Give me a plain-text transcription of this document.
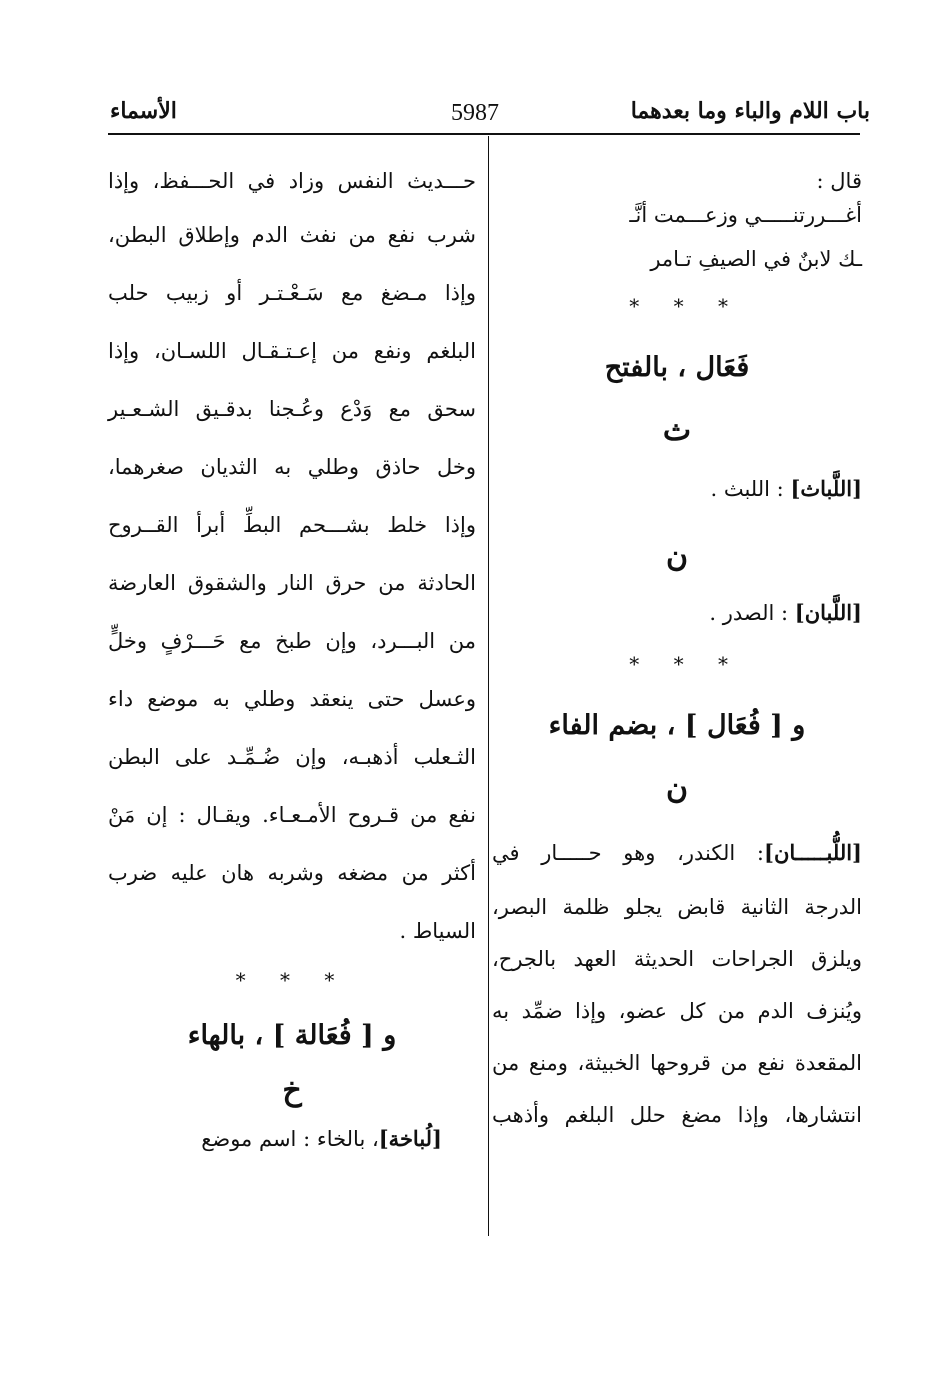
باب اللام والباء وما بعدهما
5987
الأسماء
قال :
أغـــررتنـــــي وزعـــمت أنَّـ
ـك لابنٌ في الصيفِ تـامر
* * *
فَعَال ، بالفتح
ث
[اللَّباث] : اللبث .
ن
[اللَّبان] : الصدر .
* * *
و [ فُعَال ] ، بضم الفاء
ن
[اللُّبـــــان]: الكندر، وهو حـــــار في
الدرجة الثانية قابض يجلو ظلمة البصر،
ويلزق الجراحات الحديثة العهد بالجرح،
ويُنزف الدم من كل عضو، وإذا ضمِّد به
المقعدة نفع من قروحها الخبيثة، ومنع من
انتشارها، وإذا مضغ حلل البلغم وأذهب
حـــديث النفس وزاد في الحـــفظ، وإذا
شرب نفع من نفث الدم وإطلاق البطن،
وإذا مـضغ مع سَـعْـتـر أو زبيب حلب
البلغم ونفع من إعـتـقـال اللسـان، وإذا
سحق مع وَدْع وعُـجنا بدقـيق الشـعـير
وخل حاذق وطلي به الثديان صغرهما،
وإذا خلط بشـــحم البطِّ أبرأ القــروح
الحادثة من حرق النار والشقوق العارضة
من البـــرد، وإن طبخ مع حَـــرْفٍ وخلٍّ
وعسل حتى ينعقد وطلي به موضع داء
الثـعلب أذهبـه، وإن ضُـمِّـد على البطن
نفع من قـروح الأمـعـاء. ويقـال : إن مَنْ
أكثر من مضغه وشربه هان عليه ضرب
السياط .
* * *
و [ فُعَالة ] ، بالهاء
خ
[لُباخة]، بالخاء : اسم موضع
